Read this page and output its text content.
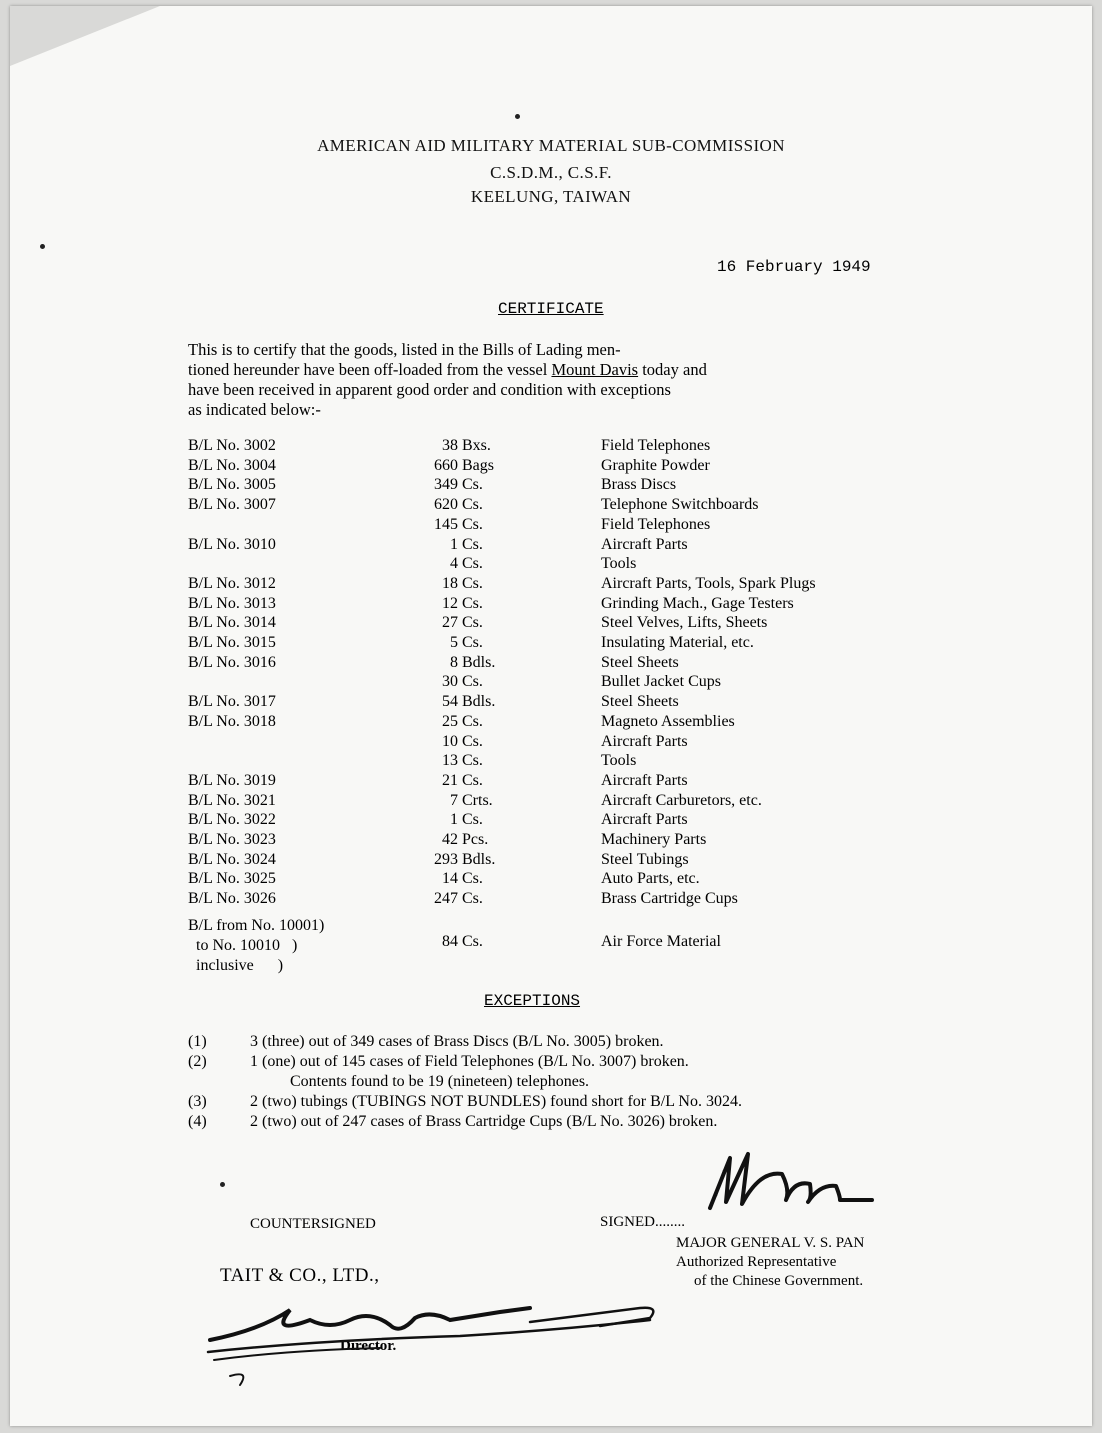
AMERICAN AID MILITARY MATERIAL SUB-COMMISSION
C.S.D.M., C.S.F.
KEELUNG, TAIWAN
16 February 1949
CERTIFICATE
This is to certify that the goods, listed in the Bills of Lading men-
tioned hereunder have been off-loaded from the vessel Mount Davis today and
have been received in apparent good order and condition with exceptions
as indicated below:-
B/L No. 3002	38 Bxs.	Field Telephones
B/L No. 3004	660 Bags	Graphite Powder
B/L No. 3005	349 Cs.	Brass Discs
B/L No. 3007	620 Cs.	Telephone Switchboards
145 Cs.	Field Telephones
B/L No. 3010	1 Cs.	Aircraft Parts
4 Cs.	Tools
B/L No. 3012	18 Cs.	Aircraft Parts, Tools, Spark Plugs
B/L No. 3013	12 Cs.	Grinding Mach., Gage Testers
B/L No. 3014	27 Cs.	Steel Velves, Lifts, Sheets
B/L No. 3015	5 Cs.	Insulating Material, etc.
B/L No. 3016	8 Bdls.	Steel Sheets
30 Cs.	Bullet Jacket Cups
B/L No. 3017	54 Bdls.	Steel Sheets
B/L No. 3018	25 Cs.	Magneto Assemblies
10 Cs.	Aircraft Parts
13 Cs.	Tools
B/L No. 3019	21 Cs.	Aircraft Parts
B/L No. 3021	7 Crts.	Aircraft Carburetors, etc.
B/L No. 3022	1 Cs.	Aircraft Parts
B/L No. 3023	42 Pcs.	Machinery Parts
B/L No. 3024	293 Bdls.	Steel Tubings
B/L No. 3025	14 Cs.	Auto Parts, etc.
B/L No. 3026	247 Cs.	Brass Cartridge Cups
B/L from No. 10001)
to No. 10010   )
inclusive      )
84 Cs.	Air Force Material
EXCEPTIONS
(1)	3 (three) out of 349 cases of Brass Discs (B/L No. 3005) broken.
(2)	1 (one) out of 145 cases of Field Telephones (B/L No. 3007) broken.
Contents found to be 19 (nineteen) telephones.
(3)	2 (two) tubings (TUBINGS NOT BUNDLES) found short for B/L No. 3024.
(4)	2 (two) out of 247 cases of Brass Cartridge Cups (B/L No. 3026) broken.
COUNTERSIGNED
TAIT & CO., LTD.,
Director.
SIGNED........
MAJOR GENERAL V. S. PAN
Authorized Representative
of the Chinese Government.
